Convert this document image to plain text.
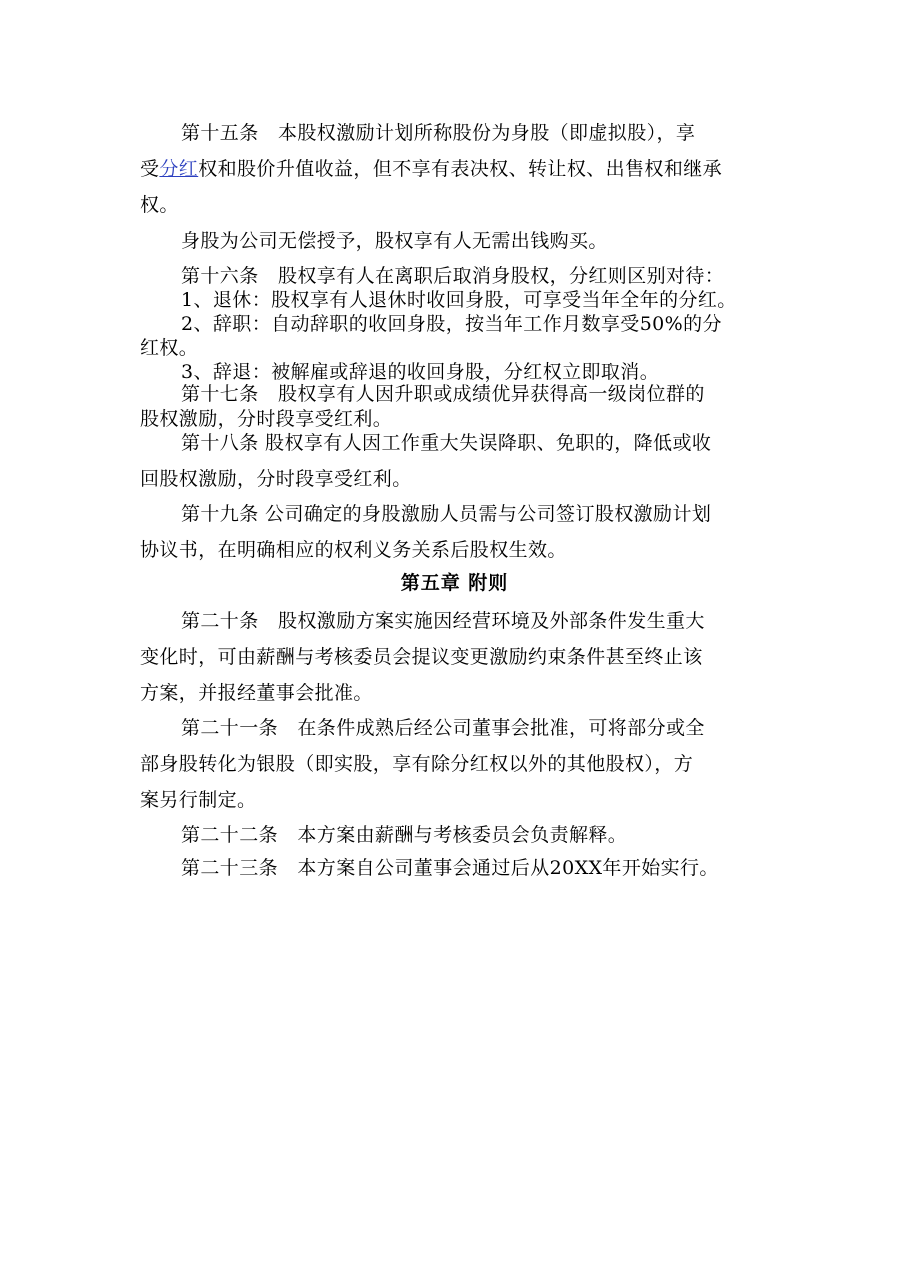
第十五条　本股权激励计划所称股份为身股（即虚拟股），享
受分红权和股价升值收益，但不享有表决权、转让权、出售权和继承
权。
身股为公司无偿授予，股权享有人无需出钱购买。
第十六条　股权享有人在离职后取消身股权，分红则区别对待：
1、退休：股权享有人退休时收回身股，可享受当年全年的分红。
2、辞职：自动辞职的收回身股，按当年工作月数享受50%的分
红权。
3、辞退：被解雇或辞退的收回身股，分红权立即取消。
第十七条　股权享有人因升职或成绩优异获得高一级岗位群的
股权激励，分时段享受红利。
第十八条 股权享有人因工作重大失误降职、免职的，降低或收
回股权激励，分时段享受红利。
第十九条 公司确定的身股激励人员需与公司签订股权激励计划
协议书，在明确相应的权利义务关系后股权生效。
第五章 附则
第二十条　股权激励方案实施因经营环境及外部条件发生重大
变化时，可由薪酬与考核委员会提议变更激励约束条件甚至终止该
方案，并报经董事会批准。
第二十一条　在条件成熟后经公司董事会批准，可将部分或全
部身股转化为银股（即实股，享有除分红权以外的其他股权），方
案另行制定。
第二十二条　本方案由薪酬与考核委员会负责解释。
第二十三条　本方案自公司董事会通过后从20XX年开始实行。
